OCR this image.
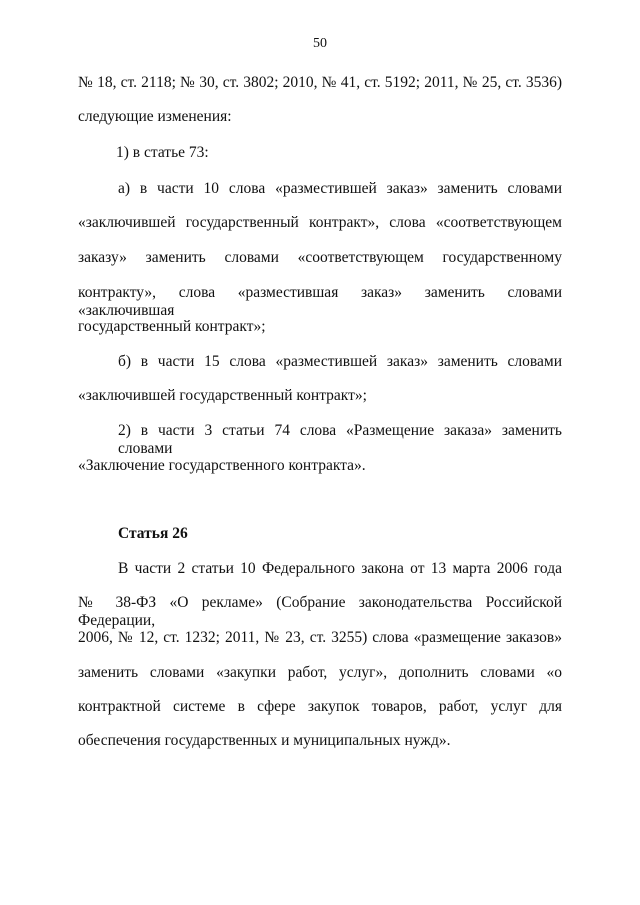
50
№ 18, ст. 2118; № 30, ст. 3802; 2010, № 41, ст. 5192; 2011, № 25, ст. 3536)
следующие изменения:
1) в статье 73:
а) в части 10 слова «разместившей заказ» заменить словами
«заключившей государственный контракт», слова «соответствующем
заказу» заменить словами «соответствующем государственному
контракту», слова «разместившая заказ» заменить словами «заключившая
государственный контракт»;
б) в части 15 слова «разместившей заказ» заменить словами
«заключившей государственный контракт»;
2) в части 3 статьи 74 слова «Размещение заказа» заменить словами
«Заключение государственного контракта».
Статья 26
В части 2 статьи 10 Федерального закона от 13 марта 2006 года
№ 38-ФЗ «О рекламе» (Собрание законодательства Российской Федерации,
2006, № 12, ст. 1232; 2011, № 23, ст. 3255) слова «размещение заказов»
заменить словами «закупки работ, услуг», дополнить словами «о
контрактной системе в сфере закупок товаров, работ, услуг для
обеспечения государственных и муниципальных нужд».
